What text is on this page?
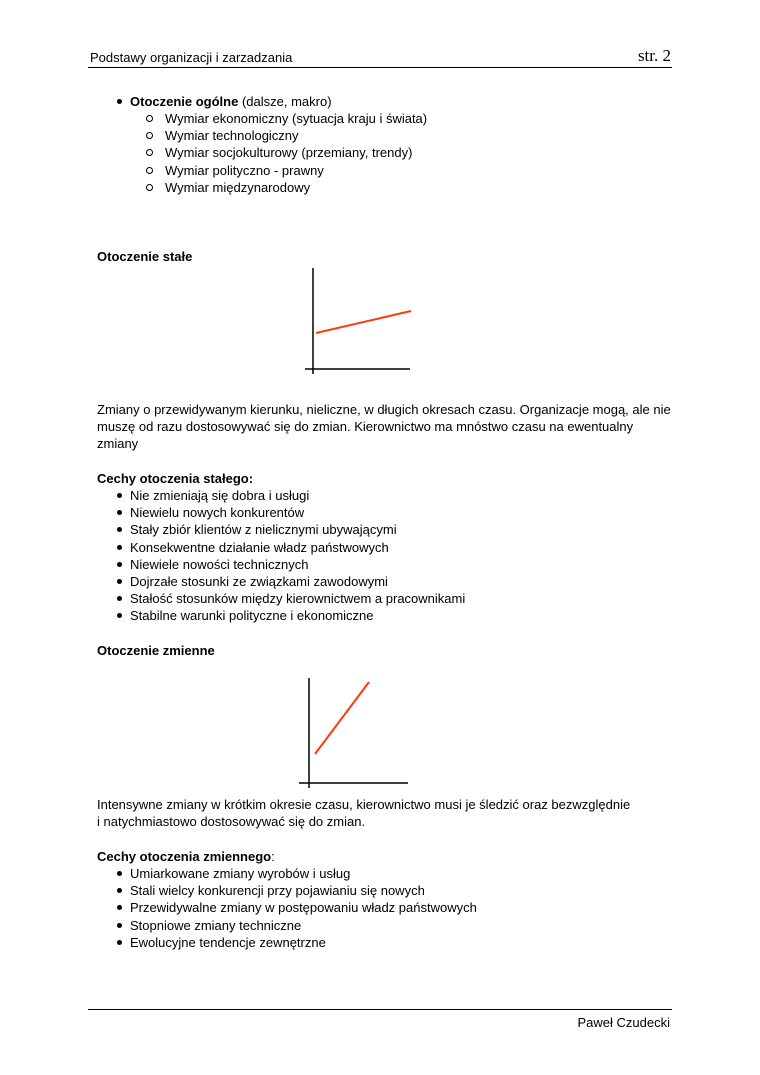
Podstawy organizacji i zarzadzania	str. 2
Otoczenie ogólne (dalsze, makro)
Wymiar ekonomiczny (sytuacja kraju i świata)
Wymiar technologiczny
Wymiar socjokulturowy (przemiany, trendy)
Wymiar polityczno - prawny
Wymiar międzynarodowy
Otoczenie stałe
Zmiany o przewidywanym kierunku, nieliczne, w długich okresach czasu. Organizacje mogą, ale nie muszę od razu dostosowywać się do zmian. Kierownictwo ma mnóstwo czasu na ewentualny zmiany
Cechy otoczenia stałego:
Nie zmieniają się dobra i usługi
Niewielu nowych konkurentów
Stały zbiór klientów z nielicznymi ubywającymi
Konsekwentne działanie władz państwowych
Niewiele nowości technicznych
Dojrzałe stosunki ze związkami zawodowymi
Stałość stosunków między kierownictwem a pracownikami
Stabilne warunki polityczne i ekonomiczne
Otoczenie zmienne
Intensywne zmiany w krótkim okresie czasu, kierownictwo musi je śledzić oraz bezwzględnie
i natychmiastowo dostosowywać się do zmian.
Cechy otoczenia zmiennego:
Umiarkowane zmiany wyrobów i usług
Stali wielcy konkurencji przy pojawianiu się nowych
Przewidywalne zmiany w postępowaniu władz państwowych
Stopniowe zmiany techniczne
Ewolucyjne tendencje zewnętrzne
Paweł Czudecki
